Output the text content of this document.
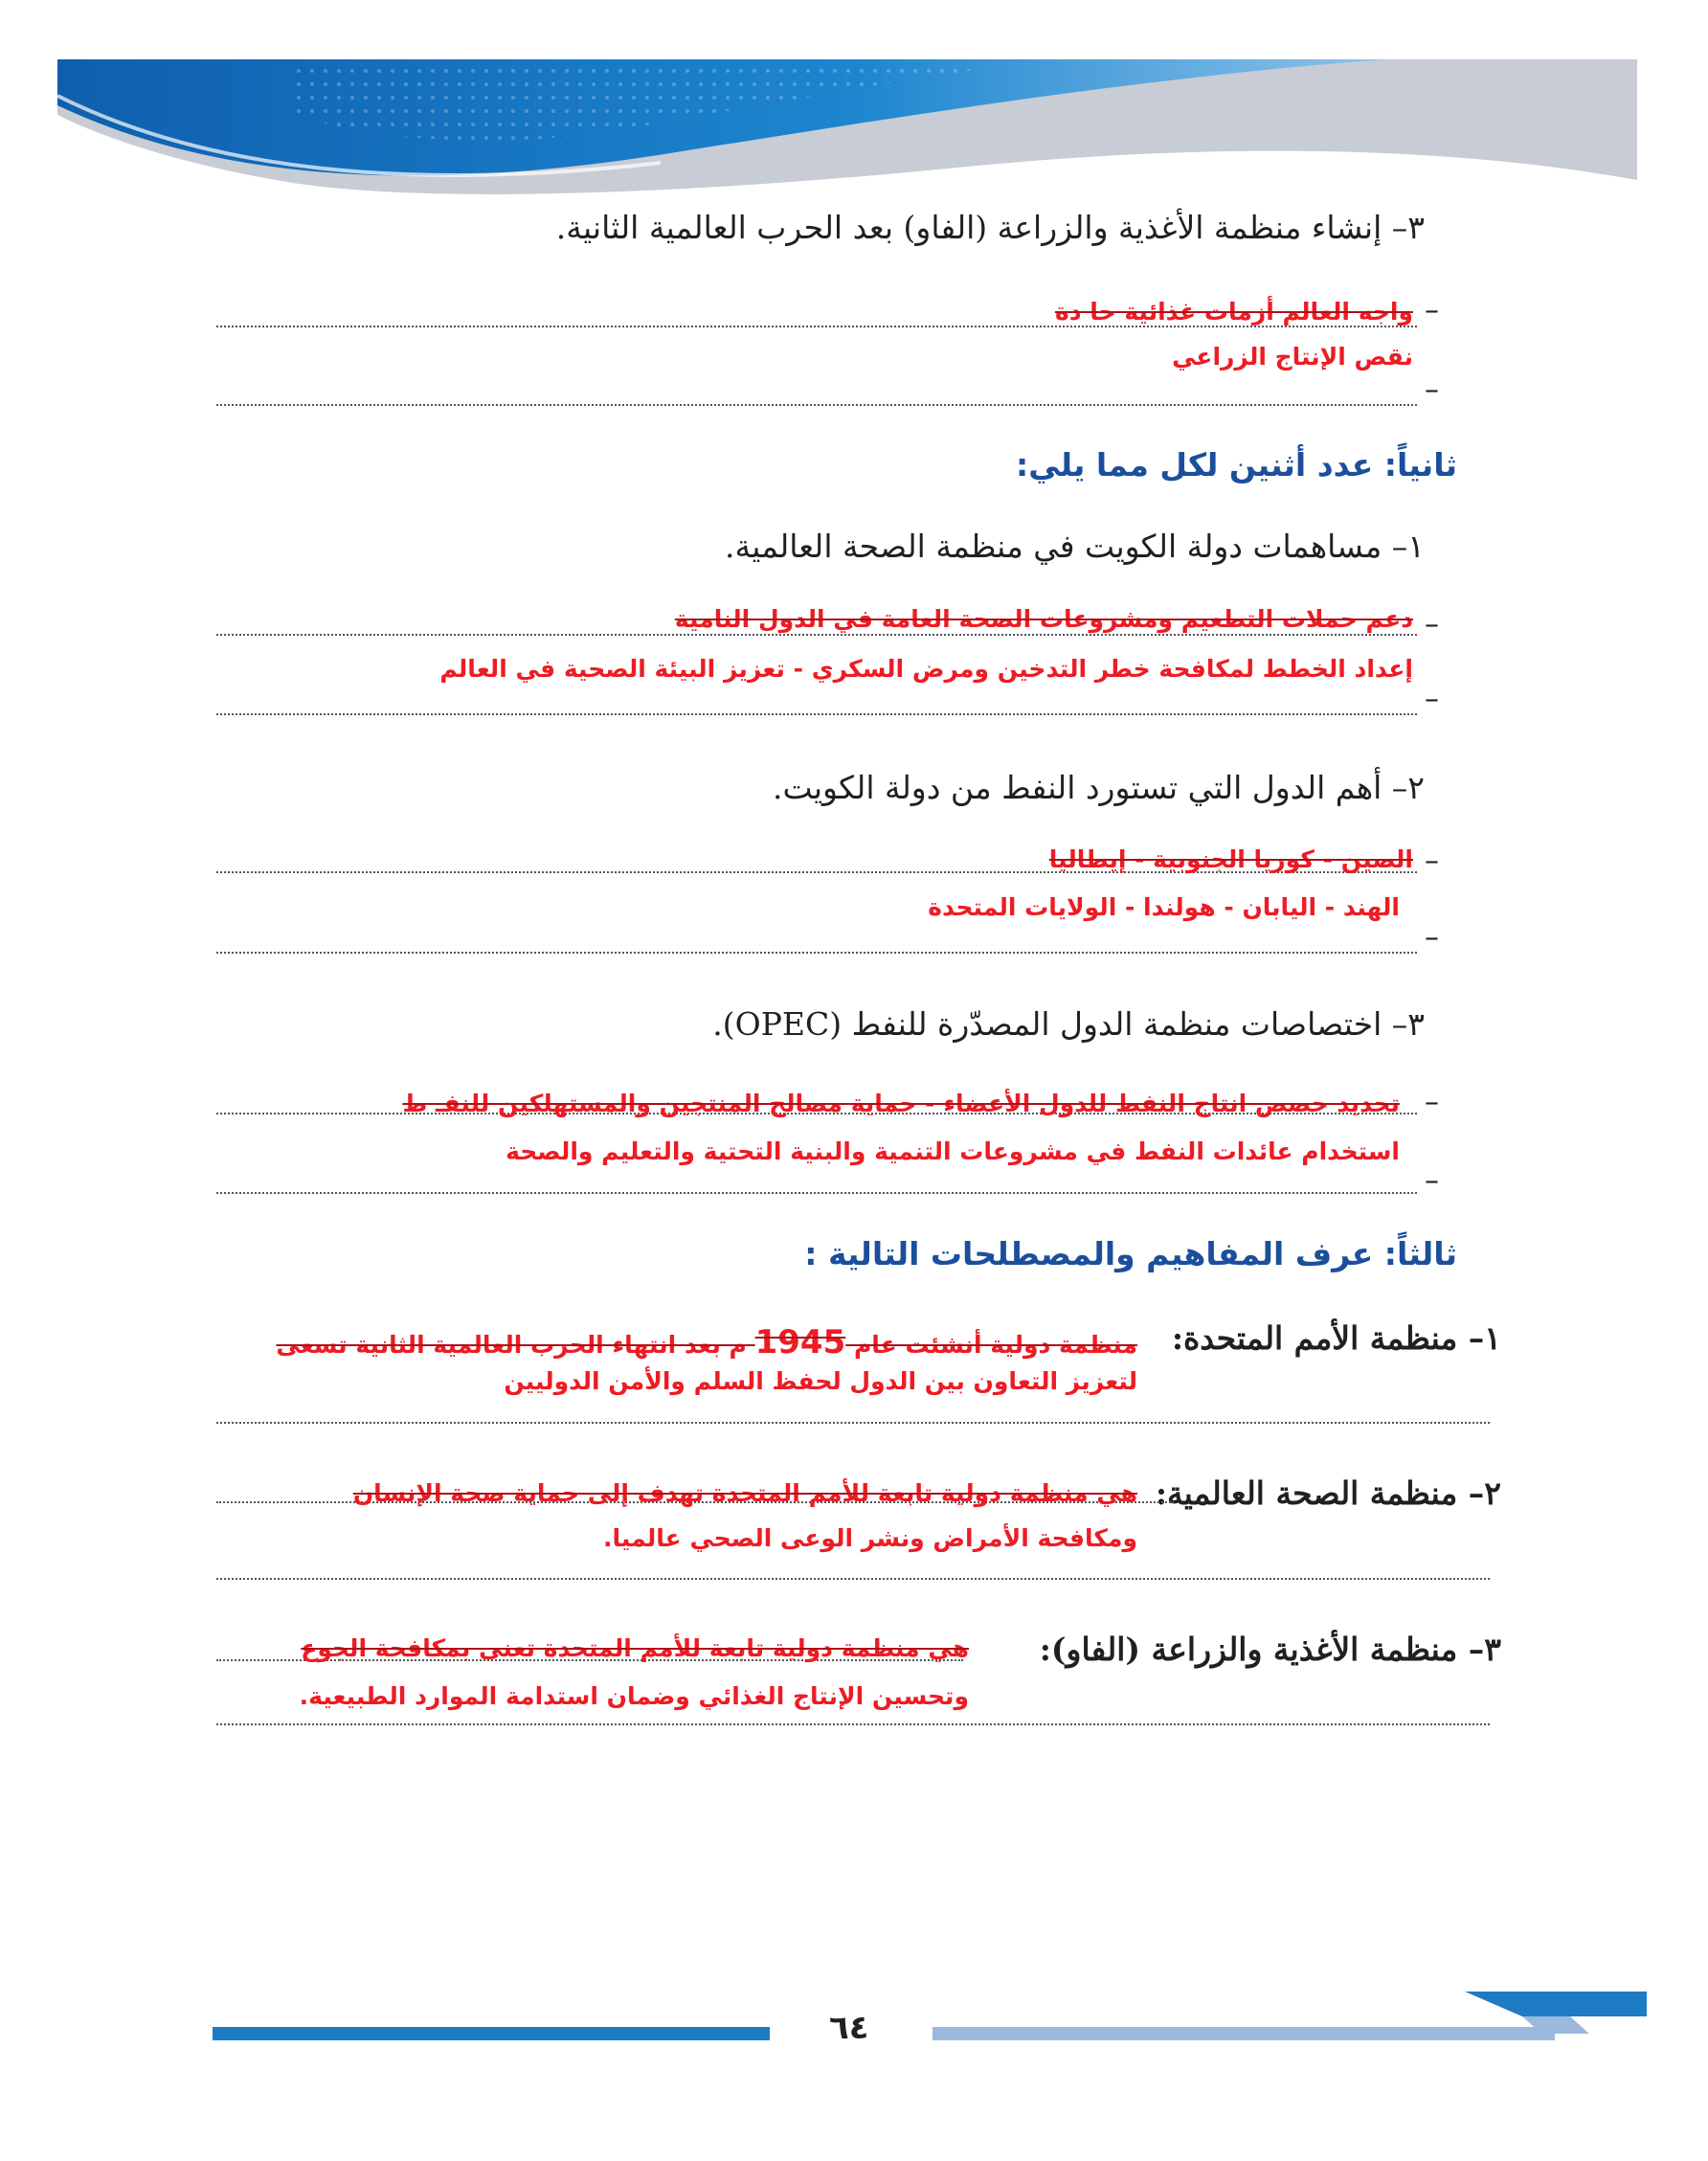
٣– إنشاء منظمة الأغذية والزراعة (الفاو) بعد الحرب العالمية الثانية.
–
واجه العالم أزمات غذائية حا دة
نقص الإنتاج الزراعي
–
ثانياً: عدد أثنين لكل مما يلي:
١– مساهمات دولة الكويت في منظمة الصحة العالمية.
–
دعم حملات التطعيم ومشروعات الصحة العامة في الدول النامية
إعداد الخطط لمكافحة خطر التدخين ومرض السكري - تعزيز البيئة الصحية في العالم
–
٢– أهم الدول التي تستورد النفط من دولة الكويت.
–
الصين - كوريا الجنوبية - إيطاليا
الهند - اليابان - هولندا - الولايات المتحدة
–
٣– اختصاصات منظمة الدول المصدّرة للنفط (OPEC).
–
تحديد حصص انتاج النفط للدول الأعضاء - حماية مصالح المنتجين والمستهلكين للنفـ ط
استخدام عائدات النفط في مشروعات التنمية والبنية التحتية والتعليم والصحة
–
ثالثاً: عرف المفاهيم والمصطلحات التالية :
١– منظمة الأمم المتحدة:
منظمة دولية أنشئت عام 1945 م بعد انتهاء الحرب العالمية الثانية تسعى
لتعزيز التعاون بين الدول لحفظ السلم والأمن الدوليين
٢– منظمة الصحة العالمية:
هي منظمة دولية تابعة للأمم المتحدة تهدف إلى حماية صحة الإنسان
ومكافحة الأمراض ونشر الوعى الصحي عالميا.
٣– منظمة الأغذية والزراعة (الفاو):
هي منظمة دولية تابعة للأمم المتحدة تعنى بمكافحة الجوع
وتحسين الإنتاج الغذائي وضمان استدامة الموارد الطبيعية.
٦٤
